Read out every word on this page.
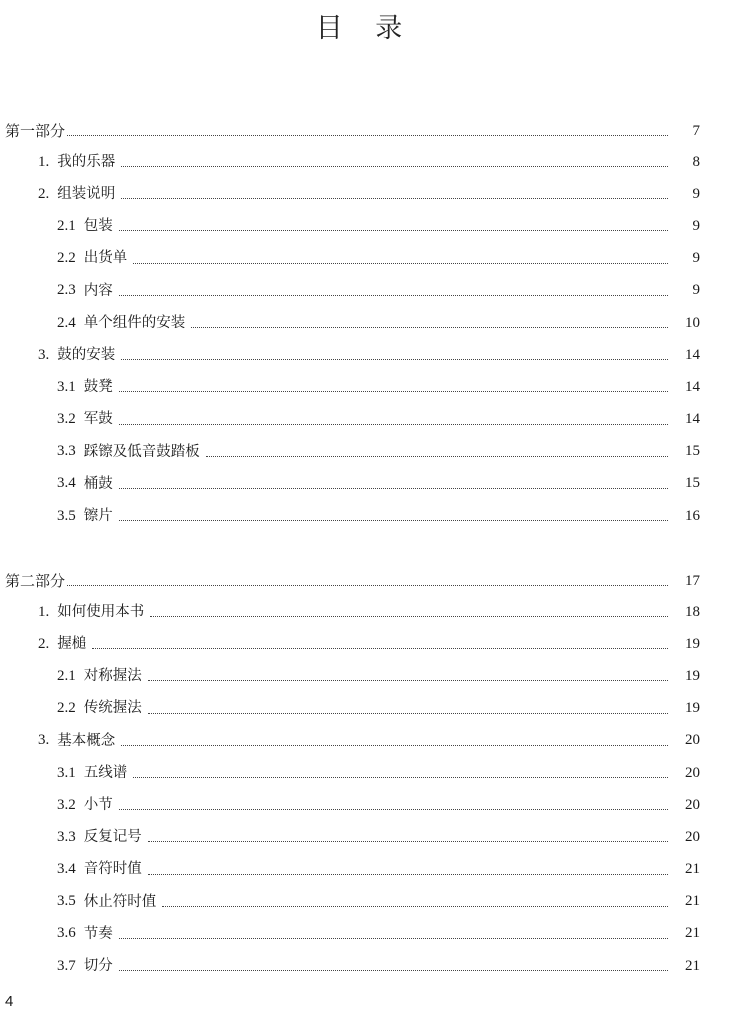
目 录
第一部分	7
1. 我的乐器	8
2. 组装说明	9
2.1 包装	9
2.2 出货单	9
2.3 内容	9
2.4 单个组件的安装	10
3. 鼓的安装	14
3.1 鼓凳	14
3.2 军鼓	14
3.3 踩镲及低音鼓踏板	15
3.4 桶鼓	15
3.5 镲片	16
第二部分	17
1. 如何使用本书	18
2. 握槌	19
2.1 对称握法	19
2.2 传统握法	19
3. 基本概念	20
3.1 五线谱	20
3.2 小节	20
3.3 反复记号	20
3.4 音符时值	21
3.5 休止符时值	21
3.6 节奏	21
3.7 切分	21
4
